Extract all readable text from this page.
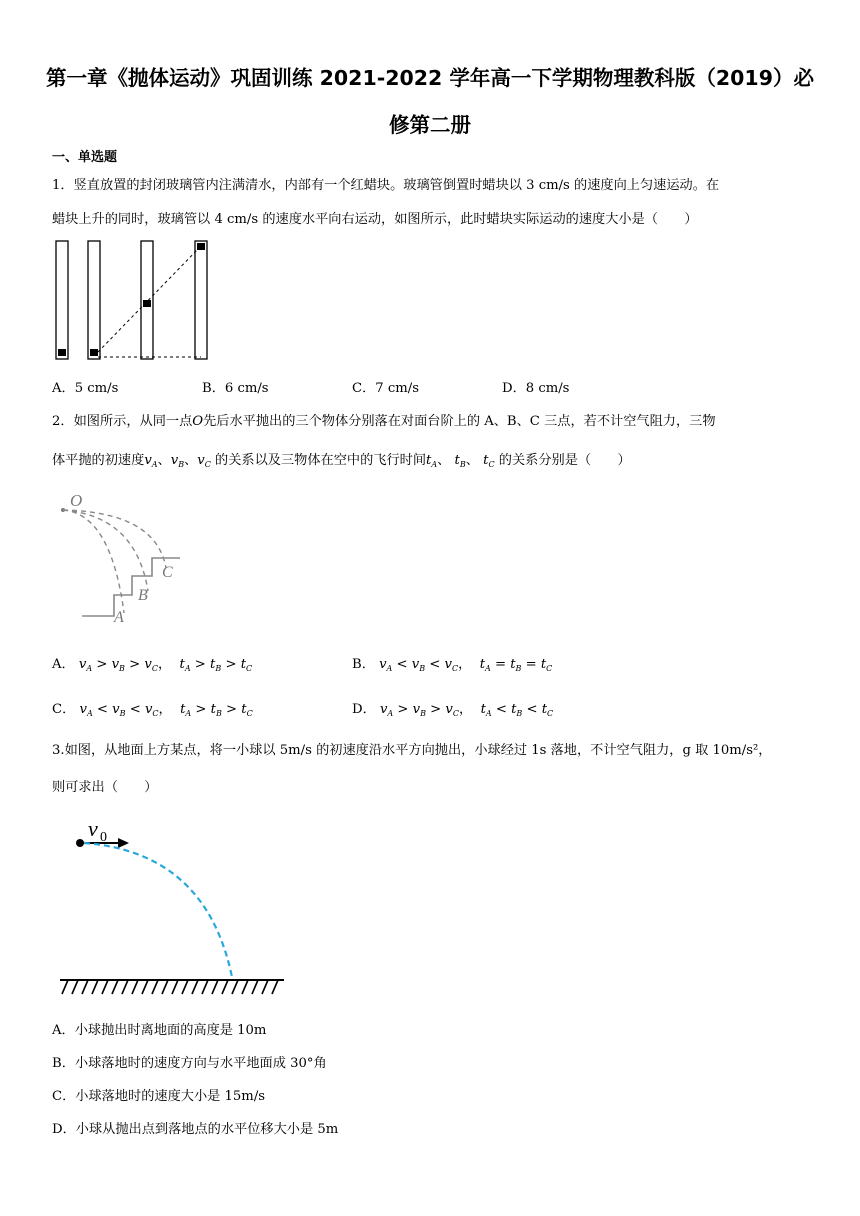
第一章《抛体运动》巩固训练 2021-2022 学年高一下学期物理教科版（2019）必
修第二册
一、单选题
1．竖直放置的封闭玻璃管内注满清水，内部有一个红蜡块。玻璃管倒置时蜡块以 3 cm/s 的速度向上匀速运动。在
蜡块上升的同时，玻璃管以 4 cm/s 的速度水平向右运动，如图所示，此时蜡块实际运动的速度大小是（　　）
A．5 cm/s	B．6 cm/s	C．7 cm/s	D．8 cm/s
2．如图所示，从同一点O先后水平抛出的三个物体分别落在对面台阶上的 A、B、C 三点，若不计空气阻力，三物
体平抛的初速度$v_A$、$v_B$、$v_C$ 的关系以及三物体在空中的飞行时间$t_A$、 $t_B$、 $t_C$ 的关系分别是（　　）
O
A
B
C
A． $v_A > v_B > v_C$，  $t_A > t_B > t_C$	B． $v_A < v_B < v_C$，  $t_A = t_B = t_C$
C． $v_A < v_B < v_C$，  $t_A > t_B > t_C$	D． $v_A > v_B > v_C$，  $t_A < t_B < t_C$
3.如图，从地面上方某点，将一小球以 5m/s 的初速度沿水平方向抛出，小球经过 1s 落地，不计空气阻力，g 取 10m/s²，
则可求出（　　）
v 0
A．小球抛出时离地面的高度是 10m
B．小球落地时的速度方向与水平地面成 30°角
C．小球落地时的速度大小是 15m/s
D．小球从抛出点到落地点的水平位移大小是 5m
